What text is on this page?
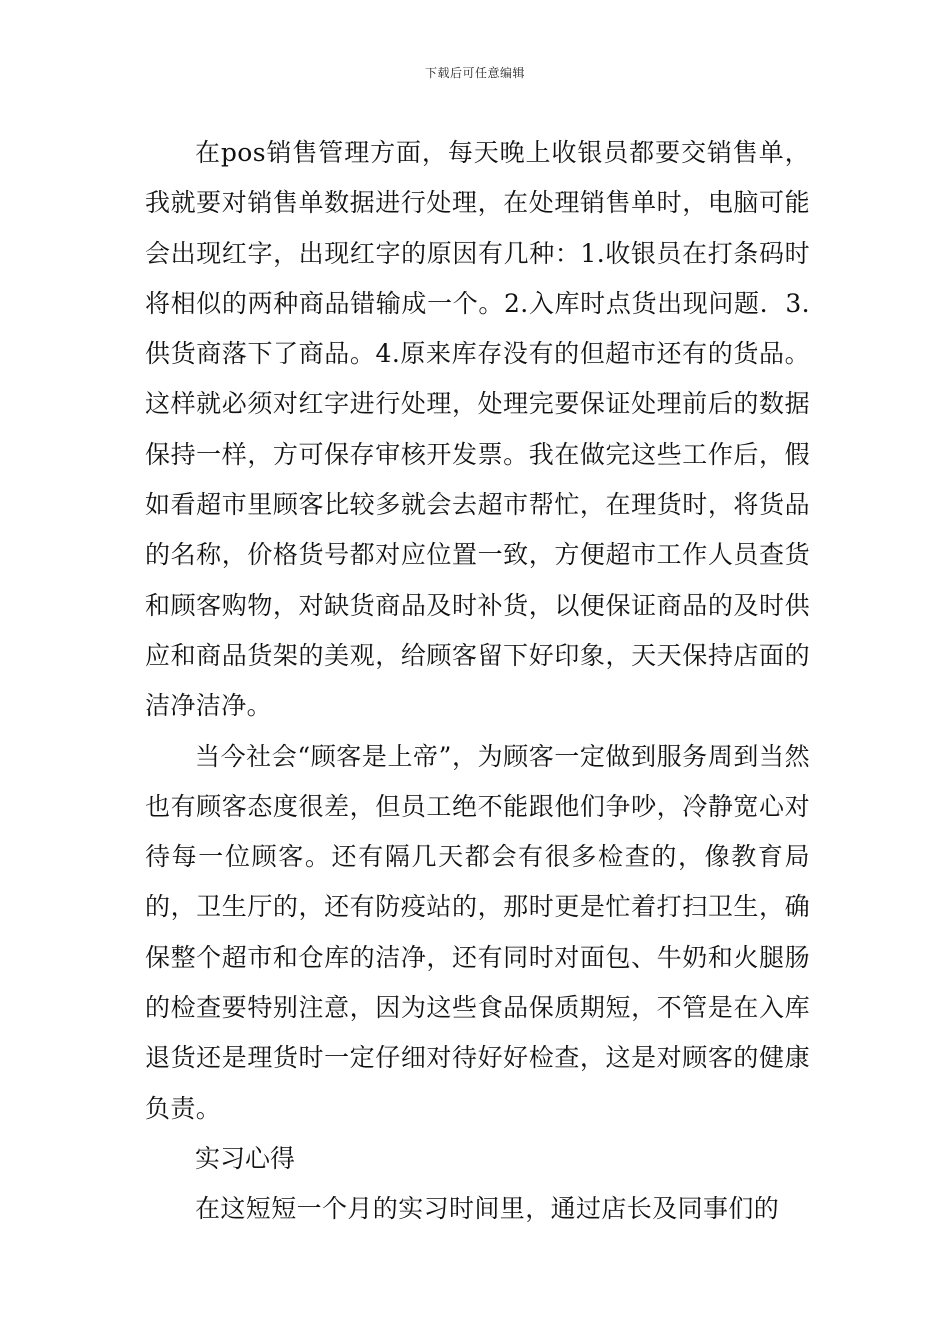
下载后可任意编辑

在pos销售管理方面，每天晚上收银员都要交销售单，我就要对销售单数据进行处理，在处理销售单时，电脑可能会出现红字，出现红字的原因有几种：1.收银员在打条码时将相似的两种商品错输成一个。2.入库时点货出现问题．3.供货商落下了商品。4.原来库存没有的但超市还有的货品。这样就必须对红字进行处理，处理完要保证处理前后的数据保持一样，方可保存审核开发票。我在做完这些工作后，假如看超市里顾客比较多就会去超市帮忙，在理货时，将货品的名称，价格货号都对应位置一致，方便超市工作人员查货和顾客购物，对缺货商品及时补货，以便保证商品的及时供应和商品货架的美观，给顾客留下好印象，天天保持店面的洁净洁净。

当今社会“顾客是上帝”，为顾客一定做到服务周到当然也有顾客态度很差，但员工绝不能跟他们争吵，冷静宽心对待每一位顾客。还有隔几天都会有很多检查的，像教育局的，卫生厅的，还有防疫站的，那时更是忙着打扫卫生，确保整个超市和仓库的洁净，还有同时对面包、牛奶和火腿肠的检查要特别注意，因为这些食品保质期短，不管是在入库退货还是理货时一定仔细对待好好检查，这是对顾客的健康负责。

实习心得

在这短短一个月的实习时间里，通过店长及同事们的
